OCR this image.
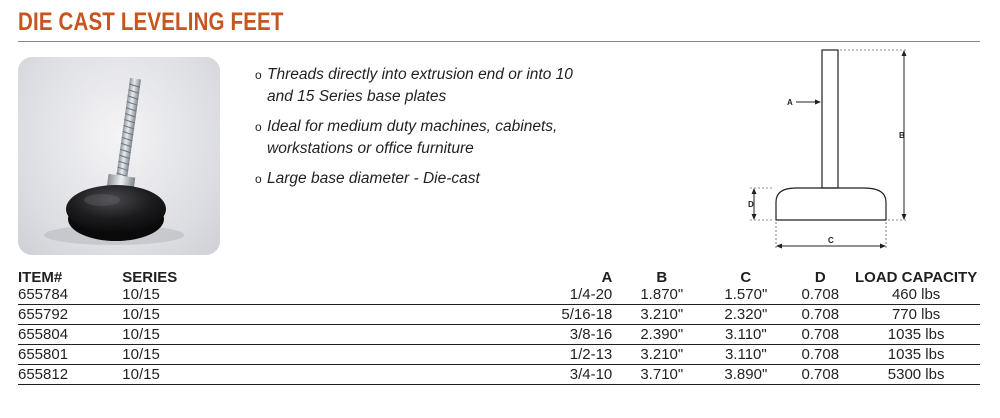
DIE CAST LEVELING FEET
o Threads directly into extrusion end or into 10 and 15 Series base plates
o Ideal for medium duty machines, cabinets, workstations or office furniture
o Large base diameter - Die-cast
A
B
D
C
ITEM#	SERIES		A	B	C	D	LOAD CAPACITY
655784	10/15		1/4-20	1.870"	1.570"	0.708	460 lbs
655792	10/15		5/16-18	3.210"	2.320"	0.708	770 lbs
655804	10/15		3/8-16	2.390"	3.110"	0.708	1035 lbs
655801	10/15		1/2-13	3.210"	3.110"	0.708	1035 lbs
655812	10/15		3/4-10	3.710"	3.890"	0.708	5300 lbs
